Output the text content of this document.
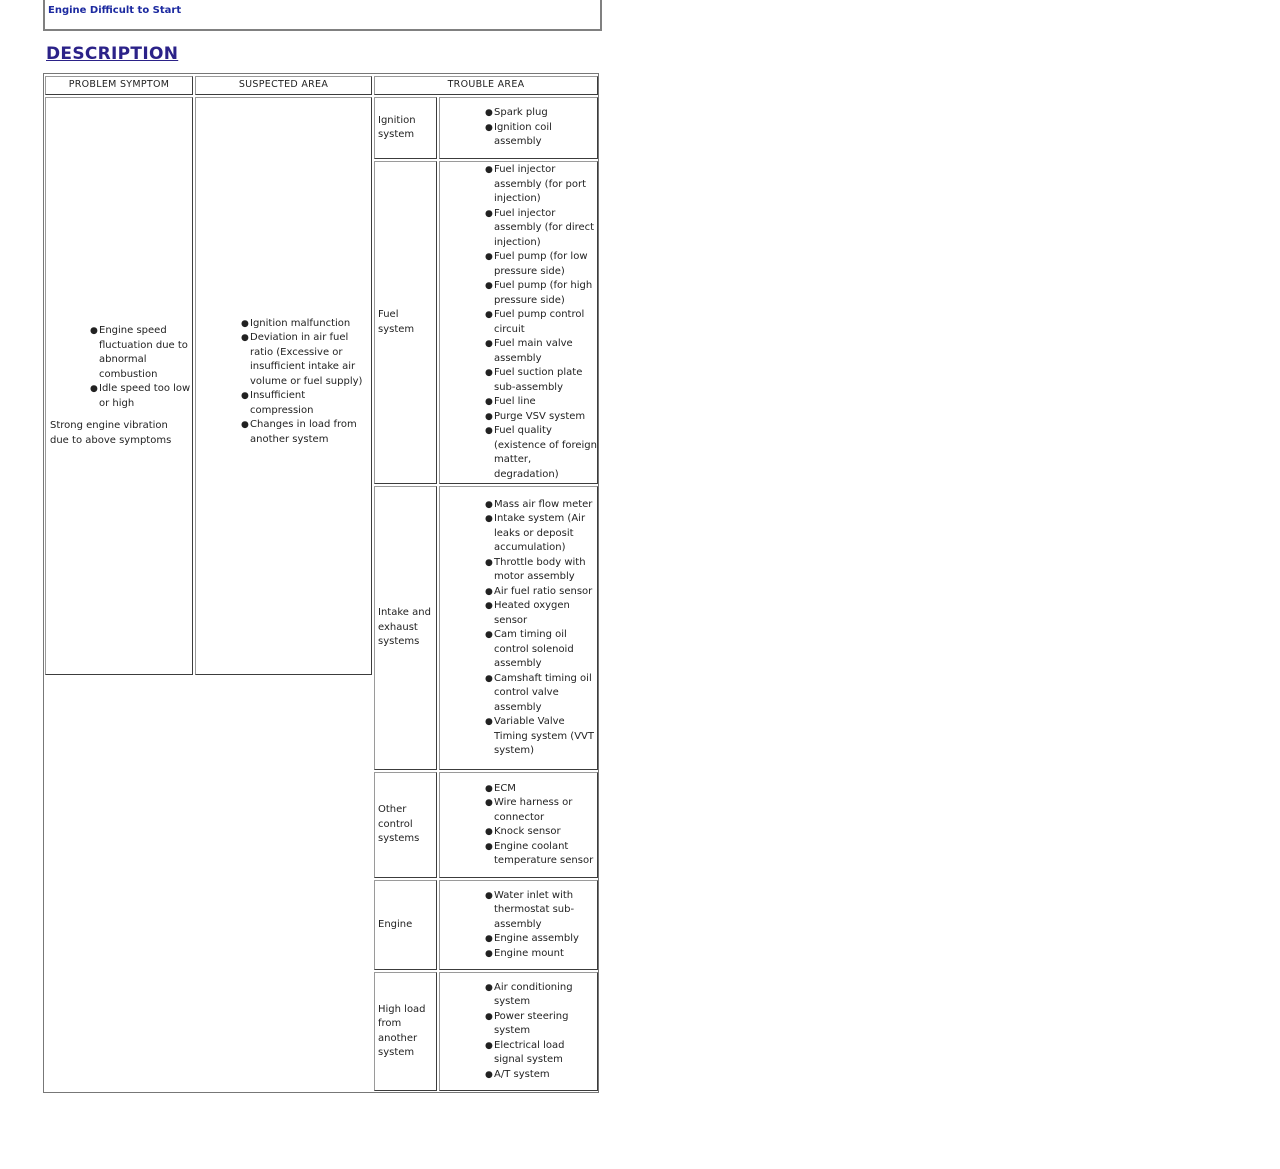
Engine Difficult to Start
DESCRIPTION
PROBLEM SYMPTOM	SUSPECTED AREA	TROUBLE AREA
● Engine speed fluctuation due to abnormal combustion
● Idle speed too low or high
Strong engine vibration due to above symptoms
● Ignition malfunction
● Deviation in air fuel ratio (Excessive or insufficient intake air volume or fuel supply)
● Insufficient compression
● Changes in load from another system
Ignition system
● Spark plug
● Ignition coil assembly
Fuel system
● Fuel injector assembly (for port injection)
● Fuel injector assembly (for direct injection)
● Fuel pump (for low pressure side)
● Fuel pump (for high pressure side)
● Fuel pump control circuit
● Fuel main valve assembly
● Fuel suction plate sub-assembly
● Fuel line
● Purge VSV system
● Fuel quality (existence of foreign matter, degradation)
Intake and exhaust systems
● Mass air flow meter
● Intake system (Air leaks or deposit accumulation)
● Throttle body with motor assembly
● Air fuel ratio sensor
● Heated oxygen sensor
● Cam timing oil control solenoid assembly
● Camshaft timing oil control valve assembly
● Variable Valve Timing system (VVT system)
Other control systems
● ECM
● Wire harness or connector
● Knock sensor
● Engine coolant temperature sensor
Engine
● Water inlet with thermostat sub-assembly
● Engine assembly
● Engine mount
High load from another system
● Air conditioning system
● Power steering system
● Electrical load signal system
● A/T system
